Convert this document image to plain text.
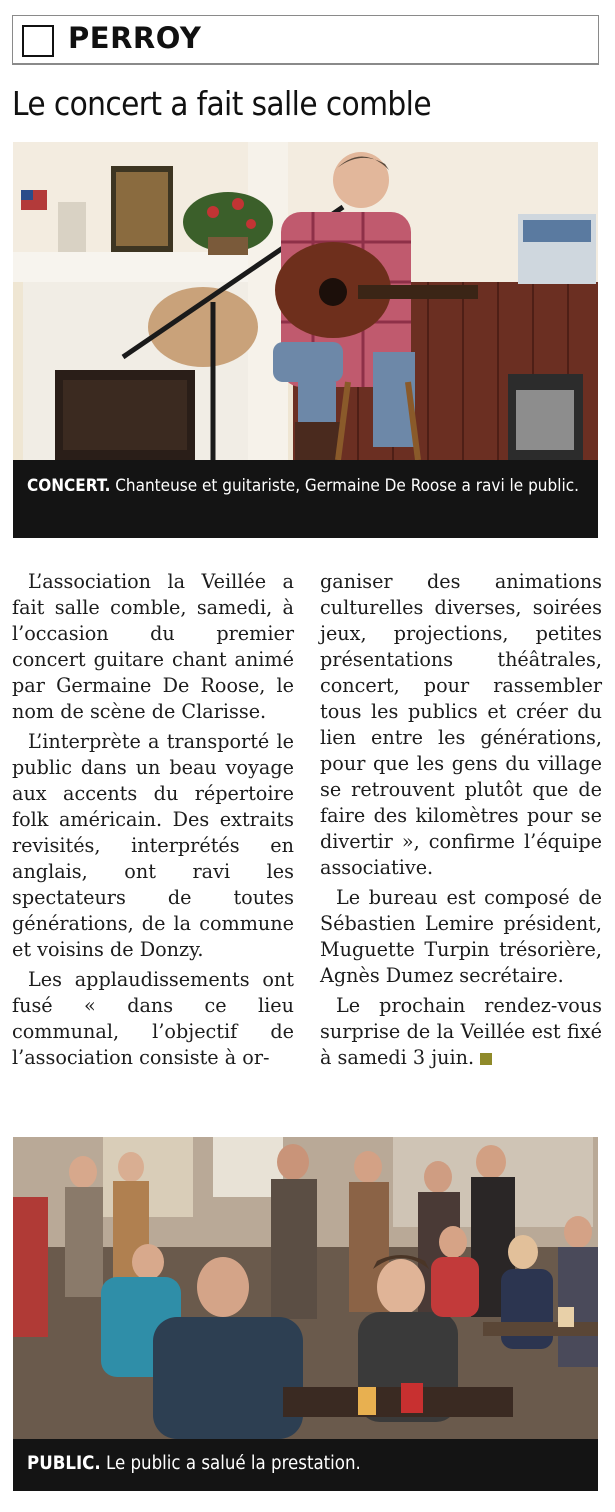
PERROY
Le concert a fait salle comble
CONCERT. Chanteuse et guitariste, Germaine De Roose a ravi le public.

L’association la Veillée a fait salle comble, samedi, à l’occasion du premier concert guitare chant animé par Germaine De Roose, le nom de scène de Clarisse.

L’interprète a transporté le public dans un beau voyage aux accents du répertoire folk américain. Des extraits revisités, interprétés en anglais, ont ravi les spectateurs de toutes générations, de la commune et voisins de Donzy.

Les applaudissements ont fusé « dans ce lieu communal, l’objectif de l’association consiste à or-

ganiser des animations culturelles diverses, soirées jeux, projections, petites présentations théâtrales, concert, pour rassembler tous les publics et créer du lien entre les générations, pour que les gens du village se retrouvent plutôt que de faire des kilomètres pour se divertir », confirme l’équipe associative.

Le bureau est composé de Sébastien Lemire président, Muguette Turpin trésorière, Agnès Dumez secrétaire.

Le prochain rendez-vous surprise de la Veillée est fixé à samedi 3 juin.

PUBLIC. Le public a salué la prestation.
